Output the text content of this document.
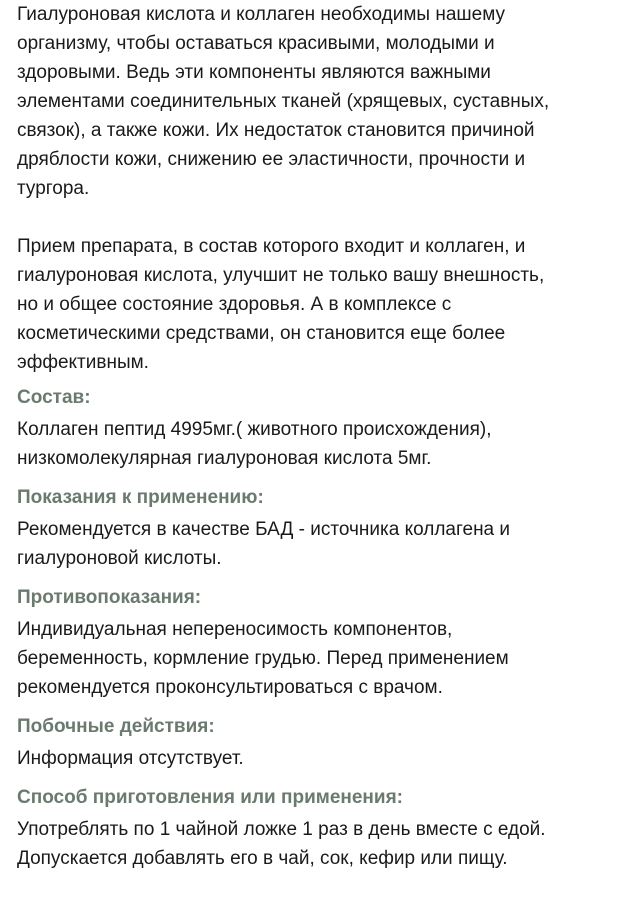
Гиалуроновая кислота и коллаген необходимы нашему
организму, чтобы оставаться красивыми, молодыми и
здоровыми. Ведь эти компоненты являются важными
элементами соединительных тканей (хрящевых, суставных,
связок), а также кожи. Их недостаток становится причиной
дряблости кожи, снижению ее эластичности, прочности и
тургора.

Прием препарата, в состав которого входит и коллаген, и
гиалуроновая кислота, улучшит не только вашу внешность,
но и общее состояние здоровья. А в комплексе с
косметическими средствами, он становится еще более
эффективным.

Состав:

Коллаген пептид 4995мг.( животного происхождения),
низкомолекулярная гиалуроновая кислота 5мг.

Показания к применению:

Рекомендуется в качестве БАД - источника коллагена и
гиалуроновой кислоты.

Противопоказания:

Индивидуальная непереносимость компонентов,
беременность, кормление грудью. Перед применением
рекомендуется проконсультироваться с врачом.

Побочные действия:

Информация отсутствует.

Способ приготовления или применения:

Употреблять по 1 чайной ложке 1 раз в день вместе с едой.
Допускается добавлять его в чай, сок, кефир или пищу.
